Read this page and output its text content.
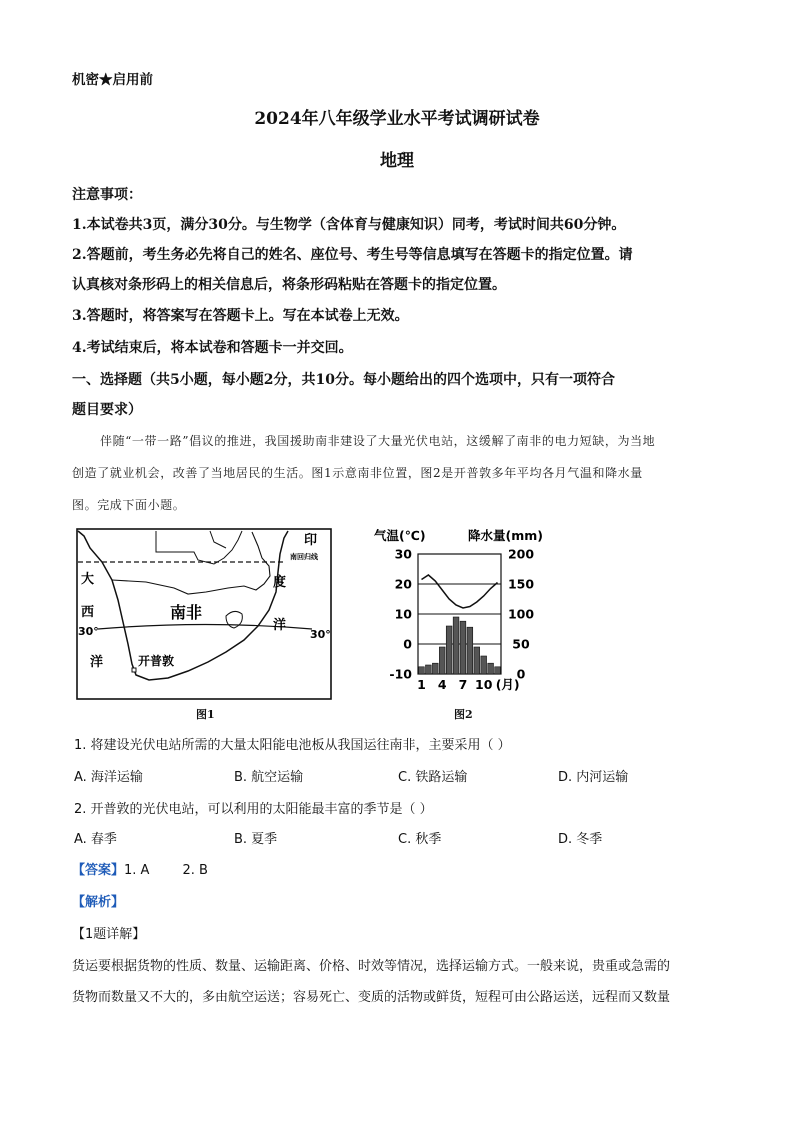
机密★启用前
2024年八年级学业水平考试调研试卷
地理
注意事项：
1.本试卷共3页，满分30分。与生物学（含体育与健康知识）同考，考试时间共60分钟。
2.答题前，考生务必先将自己的姓名、座位号、考生号等信息填写在答题卡的指定位置。请
认真核对条形码上的相关信息后，将条形码粘贴在答题卡的指定位置。
3.答题时，将答案写在答题卡上。写在本试卷上无效。
4.考试结束后，将本试卷和答题卡一并交回。
一、选择题（共5小题，每小题2分，共10分。每小题给出的四个选项中，只有一项符合
题目要求）
伴随“一带一路”倡议的推进，我国援助南非建设了大量光伏电站，这缓解了南非的电力短缺，为当地
创造了就业机会，改善了当地居民的生活。图1示意南非位置，图2是开普敦多年平均各月气温和降水量
图。完成下面小题。
印
南回归线
度
洋
大
西
洋
南非
30°	30°
开普敦
图1
气温(℃)	降水量(mm)
-10
0
10
20
30
0
50
100
150
200
1 4 7 10 (月)
图2
1. 将建设光伏电站所需的大量太阳能电池板从我国运往南非，主要采用（ ）
A. 海洋运输	B. 航空运输	C. 铁路运输	D. 内河运输
2. 开普敦的光伏电站，可以利用的太阳能最丰富的季节是（ ）
A. 春季	B. 夏季	C. 秋季	D. 冬季
【答案】1. A        2. B
【解析】
【1题详解】
货运要根据货物的性质、数量、运输距离、价格、时效等情况，选择运输方式。一般来说，贵重或急需的
货物而数量又不大的，多由航空运送；容易死亡、变质的活物或鲜货，短程可由公路运送，远程而又数量
